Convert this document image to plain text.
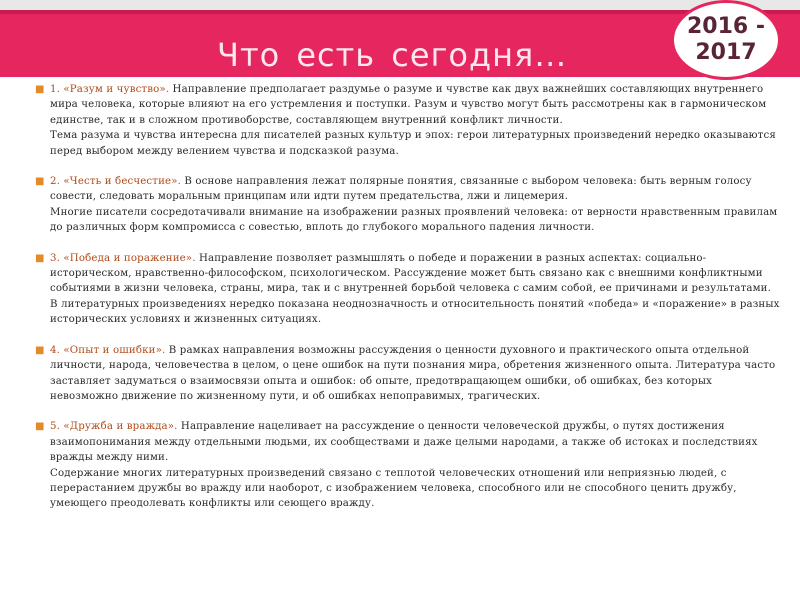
Что есть сегодня…
2016 -
2017
■ 1. «Разум и чувство». Направление предполагает раздумье о разуме и чувстве как двух важнейших составляющих внутреннего мира человека, которые влияют на его устремления и поступки. Разум и чувство могут быть рассмотрены как в гармоническом единстве, так и в сложном противоборстве, составляющем внутренний конфликт личности.

Тема разума и чувства интересна для писателей разных культур и эпох: герои литературных произведений нередко оказываются перед выбором между велением чувства и подсказкой разума.

■ 2. «Честь и бесчестие». В основе направления лежат полярные понятия, связанные с выбором человека: быть верным голосу совести, следовать моральным принципам или идти путем предательства, лжи и лицемерия.

Многие писатели сосредотачивали внимание на изображении разных проявлений человека: от верности нравственным правилам до различных форм компромисса с совестью, вплоть до глубокого морального падения личности.

■ 3. «Победа и поражение». Направление позволяет размышлять о победе и поражении в разных аспектах: социально-историческом, нравственно-философском, психологическом. Рассуждение может быть связано как с внешними конфликтными событиями в жизни человека, страны, мира, так и с внутренней борьбой человека с самим собой, ее причинами и результатами.

В литературных произведениях нередко показана неоднозначность и относительность понятий «победа» и «поражение» в разных исторических условиях и жизненных ситуациях.

■ 4. «Опыт и ошибки». В рамках направления возможны рассуждения о ценности духовного и практического опыта отдельной личности, народа, человечества в целом, о цене ошибок на пути познания мира, обретения жизненного опыта. Литература часто заставляет задуматься о взаимосвязи опыта и ошибок: об опыте, предотвращающем ошибки, об ошибках, без которых невозможно движение по жизненному пути, и об ошибках непоправимых, трагических.

■ 5. «Дружба и вражда». Направление нацеливает на рассуждение о ценности человеческой дружбы, о путях достижения взаимопонимания между отдельными людьми, их сообществами и даже целыми народами, а также об истоках и последствиях вражды между ними.

Содержание многих литературных произведений связано с теплотой человеческих отношений или неприязнью людей, с перерастанием дружбы во вражду или наоборот, с изображением человека, способного или не способного ценить дружбу, умеющего преодолевать конфликты или сеющего вражду.
